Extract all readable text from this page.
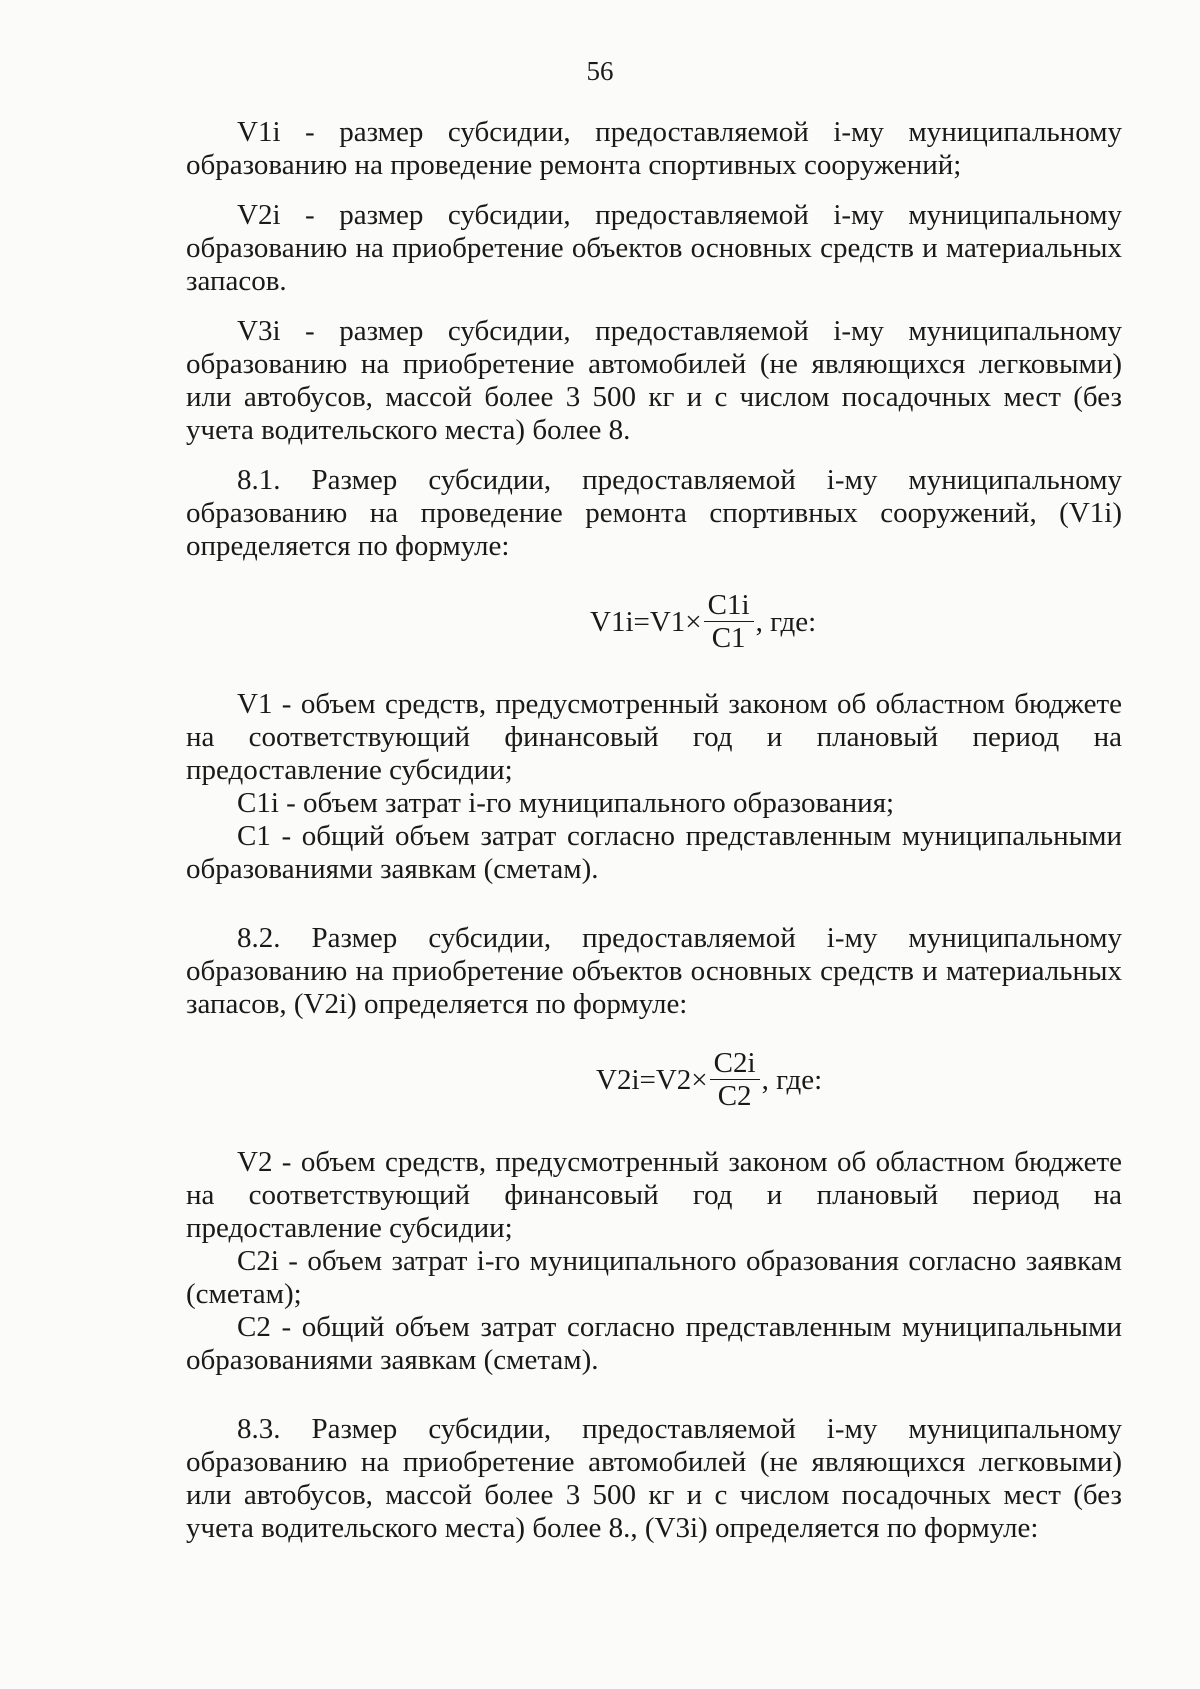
56

V1i - размер субсидии, предоставляемой i-му муниципальному образованию на проведение ремонта спортивных сооружений;

V2i - размер субсидии, предоставляемой i-му муниципальному образованию на приобретение объектов основных средств и материальных запасов.

V3i - размер субсидии, предоставляемой i-му муниципальному образованию на приобретение автомобилей (не являющихся легковыми) или автобусов, массой более 3 500 кг и с числом посадочных мест (без учета водительского места) более 8.

8.1. Размер субсидии, предоставляемой i-му муниципальному образованию на проведение ремонта спортивных сооружений, (V1i) определяется по формуле:

$V1i=V1\times \frac{C1i}{C1}$ , где:

V1 - объем средств, предусмотренный законом об областном бюджете на соответствующий финансовый год и плановый период на предоставление субсидии;

C1i - объем затрат i-го муниципального образования;

C1 - общий объем затрат согласно представленным муниципальными образованиями заявкам (сметам).

8.2. Размер субсидии, предоставляемой i-му муниципальному образованию на приобретение объектов основных средств и материальных запасов, (V2i) определяется по формуле:

$V2i=V2\times \frac{C2i}{C2}$ , где:

V2 - объем средств, предусмотренный законом об областном бюджете на соответствующий финансовый год и плановый период на предоставление субсидии;

C2i - объем затрат i-го муниципального образования согласно заявкам (сметам);

C2 - общий объем затрат согласно представленным муниципальными образованиями заявкам (сметам).

8.3. Размер субсидии, предоставляемой i-му муниципальному образованию на приобретение автомобилей (не являющихся легковыми) или автобусов, массой более 3 500 кг и с числом посадочных мест (без учета водительского места) более 8., (V3i) определяется по формуле:
